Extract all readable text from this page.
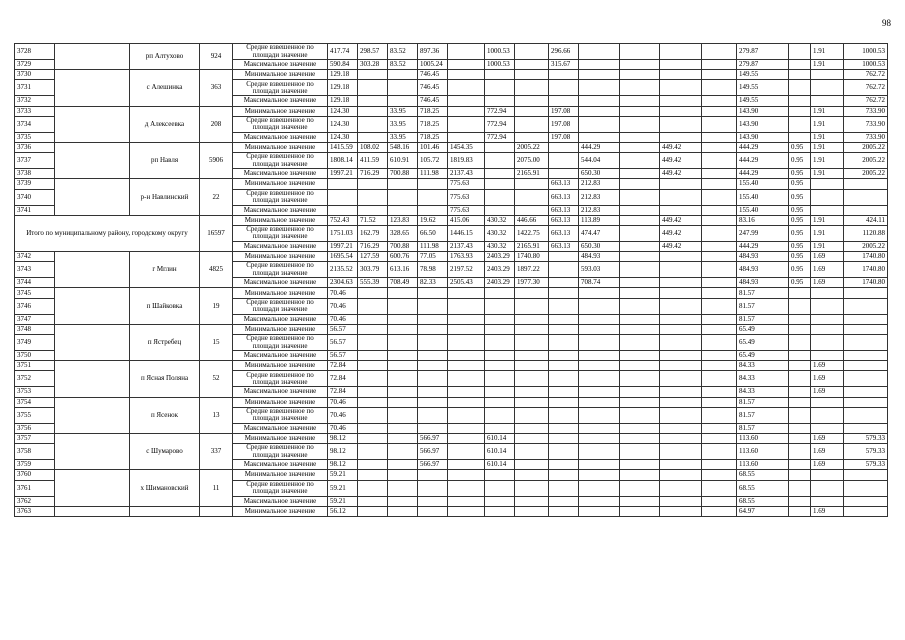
98
3728		рп Алтухово	924	Средне взвешенное по площади значение	417.74	298.57	83.52	897.36		1000.53		296.66					279.87		1.91	1000.53
3729				Максимальное значение	590.84	303.28	83.52	1005.24		1000.53		315.67					279.87		1.91	1000.53
3730		с Алешинка	363	Минимальное значение	129.18			746.45									149.55			762.72
3731				Средне взвешенное по площади значение	129.18			746.45									149.55			762.72
3732				Максимальное значение	129.18			746.45									149.55			762.72
3733		д Алексеевка	208	Минимальное значение	124.30		33.95	718.25		772.94		197.08					143.90		1.91	733.90
3734				Средне взвешенное по площади значение	124.30		33.95	718.25		772.94		197.08					143.90		1.91	733.90
3735				Максимальное значение	124.30		33.95	718.25		772.94		197.08					143.90		1.91	733.90
3736		рп Навля	5906	Минимальное значение	1415.59	108.02	548.16	101.46	1454.35		2005.22		444.29		449.42		444.29	0.95	1.91	2005.22
3737				Средне взвешенное по площади значение	1808.14	411.59	610.91	105.72	1819.83		2075.00		544.04		449.42		444.29	0.95	1.91	2005.22
3738				Максимальное значение	1997.21	716.29	700.88	111.98	2137.43		2165.91		650.30		449.42		444.29	0.95	1.91	2005.22
3739		р-н Навлинский	22	Минимальное значение					775.63			663.13	212.83				155.40	0.95		
3740				Средне взвешенное по площади значение					775.63			663.13	212.83				155.40	0.95		
3741				Максимальное значение					775.63			663.13	212.83				155.40	0.95		
Итого по муниципальному району, городскому округу			16597	Минимальное значение	752.43	71.52	123.83	19.62	415.06	430.32	446.66	663.13	113.89		449.42		83.16	0.95	1.91	424.11
				Средне взвешенное по площади значение	1751.03	162.79	328.65	66.50	1446.15	430.32	1422.75	663.13	474.47		449.42		247.99	0.95	1.91	1120.88
				Максимальное значение	1997.21	716.29	700.88	111.98	2137.43	430.32	2165.91	663.13	650.30		449.42		444.29	0.95	1.91	2005.22
3742		г Мглин	4825	Минимальное значение	1695.54	127.59	600.76	77.05	1763.93	2403.29	1740.80		484.93				484.93	0.95	1.69	1740.80
3743				Средне взвешенное по площади значение	2135.52	303.79	613.16	78.98	2197.52	2403.29	1897.22		593.03				484.93	0.95	1.69	1740.80
3744				Максимальное значение	2304.63	555.39	708.49	82.33	2505.43	2403.29	1977.30		708.74				484.93	0.95	1.69	1740.80
3745		п Шайковка	19	Минимальное значение	70.46												81.57			
3746				Средне взвешенное по площади значение	70.46												81.57			
3747				Максимальное значение	70.46												81.57			
3748		п Ястребец	15	Минимальное значение	56.57												65.49			
3749				Средне взвешенное по площади значение	56.57												65.49			
3750				Максимальное значение	56.57												65.49			
3751		п Ясная Поляна	52	Минимальное значение	72.84												84.33		1.69	
3752				Средне взвешенное по площади значение	72.84												84.33		1.69	
3753				Максимальное значение	72.84												84.33		1.69	
3754		п Ясенок	13	Минимальное значение	70.46												81.57			
3755				Средне взвешенное по площади значение	70.46												81.57			
3756				Максимальное значение	70.46												81.57			
3757		с Шумарово	337	Минимальное значение	98.12			566.97		610.14							113.60		1.69	579.33
3758				Средне взвешенное по площади значение	98.12			566.97		610.14							113.60		1.69	579.33
3759				Максимальное значение	98.12			566.97		610.14							113.60		1.69	579.33
3760		х Шимановский	11	Минимальное значение	59.21												68.55			
3761				Средне взвешенное по площади значение	59.21												68.55			
3762				Максимальное значение	59.21												68.55			
3763				Минимальное значение	56.12												64.97		1.69	
